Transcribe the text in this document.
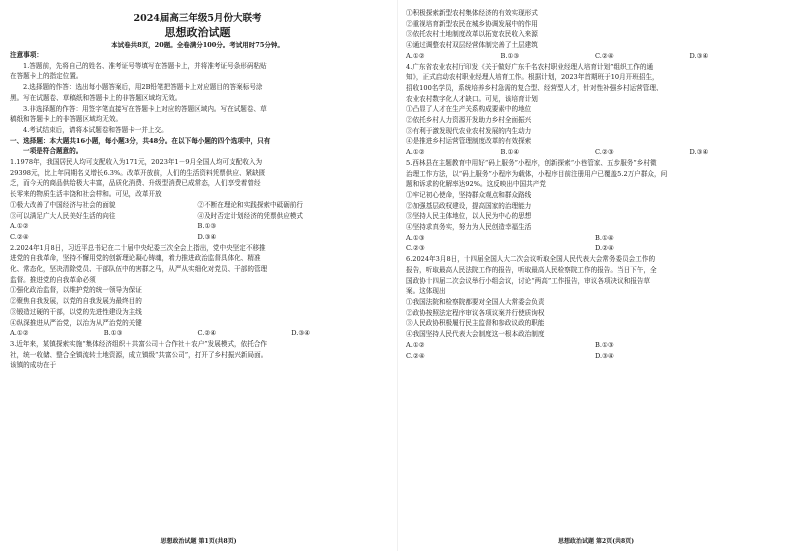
2024届高三年级5月份大联考

思想政治试题

本试卷共8页，20题。全卷满分100分。考试用时75分钟。

注意事项：

1.答题前，先将自己的姓名、准考证号等填写在答题卡上，并将准考证号条形码粘贴

在答题卡上的指定位置。

2.选择题的作答：选出每小题答案后，用2B铅笔把答题卡上对应题目的答案标号涂

黑。写在试题卷、草稿纸和答题卡上的非答题区域均无效。

3.非选择题的作答：用签字笔直接写在答题卡上对应的答题区域内。写在试题卷、草

稿纸和答题卡上的非答题区域均无效。

4.考试结束后，请将本试题卷和答题卡一并上交。

一、选择题：本大题共16小题，每小题3分，共48分。在以下每小题的四个选项中，只有

一项是符合题意的。

1.1978年，我国居民人均可支配收入为171元，2023年1－9月全国人均可支配收入为

29398元，比上年同期名义增长6.3%。改革开放前，人们的生活资料凭票供应、紧缺匮

乏，而今天的商品供给极大丰富，品质化消费、升级型消费已成常态，人们享受着曾经

长零来的物质生活丰饶和社会样和。可见，改革开放

①极大改善了中国经济与社会的面貌	②不断在理论和实践探索中砥砺前行
③可以满足广大人民美好生活的向往	④及时否定计划经济的凭票供应模式
A.①②	B.①③
C.②④	D.③④

2.2024年1月8日，习近平总书记在二十届中央纪委三次全会上指出，党中央坚定不移推

进党的自我革命，坚持不懈用党的创新理论凝心铸魂，着力推进政治监督具体化、精准

化、常态化，坚决清除党员、干部队伍中的害群之马，从严从实细化对党员、干部的管理

监督。推进党的自我革命必须

①强化政治监督，以维护党的统一领导为保证

②聚焦自我发展，以党的自我发展为最终目的

③锻造过硬的干部，以党的先进性建设为主线

④纵深推进从严治党，以治为从严治党的关键

A.①②	B.①③	C.②④	D.③④

3.近年来，某镇探索实施“集体经济组织＋共富公司＋合作社＋农户”发展模式，依托合作

社，统一收储、整合全镇流转土地资源，成立镇级“共富公司”，打开了乡村振兴新局面。

该镇的成功在于

思想政治试题 第1页(共8页)

①积极探索新型农村集体经济的有效实现形式

②重视培育新型农民在城乡协调发展中的作用

③依托农村土地制度改革以拓宽农民收入来源

④通过调整农村双层经营体制完善了土层建筑

A.①②	B.①③	C.②④	D.③④

4.广东省农业农村厅印发《关于做好广东千名农村职业经理人培育计划”组织工作的通

知》，正式启动农村职业经理人培育工作。根据计划，2023年首期班于10月开班招生，

招收100名学员，系统培养乡村急需的复合型、经营型人才，针对性补强乡村运营管理、

农业农村数字化人才缺口。可见，该培育计划

①凸显了人才在生产关系构成要素中的地位

②依托乡村人力资源开发助力乡村全面振兴

③有利于激发现代农业农村发展的内生动力

④是推进乡村运营管理制度改革的有效探索

A.①②	B.①④	C.②③	D.③④

5.西林县在主题教育中用好“码上服务”小程序，创新探索“小巷管家、五步服务”乡村微

治理工作方法，以“码上服务”小程序为载体，小程序目前注册用户已覆盖5.2万户群众，问

题和诉求的化解率达92%。这反映出中国共产党

①牢记初心使命，坚持群众观点和群众路线

②加强基层政权建设，提高国家的治理能力

③坚持人民主体地位，以人民为中心的思想

④坚持求真务实，努力为人民创造幸福生活

A.①③	B.①④
C.②③	D.②④

6.2024年3月8日，十四届全国人大二次会议听取全国人民代表大会常务委员会工作的

报告，听取最高人民法院工作的报告，听取最高人民检察院工作的报告。当日下午，全

国政协十四届二次会议举行小组会议，讨论“两高”工作报告，审议各项决议和报告草

案。这体现出

①我国法院和检察院都要对全国人大常委会负责

②政协按照法定程序审议各项议案并行使质询权

③人民政协积极履行民主监督和参政议政的职能

④我国坚持人民代表大会制度这一根本政治制度

A.①②	B.①③
C.②④	D.③④
思想政治试题 第2页(共8页)
